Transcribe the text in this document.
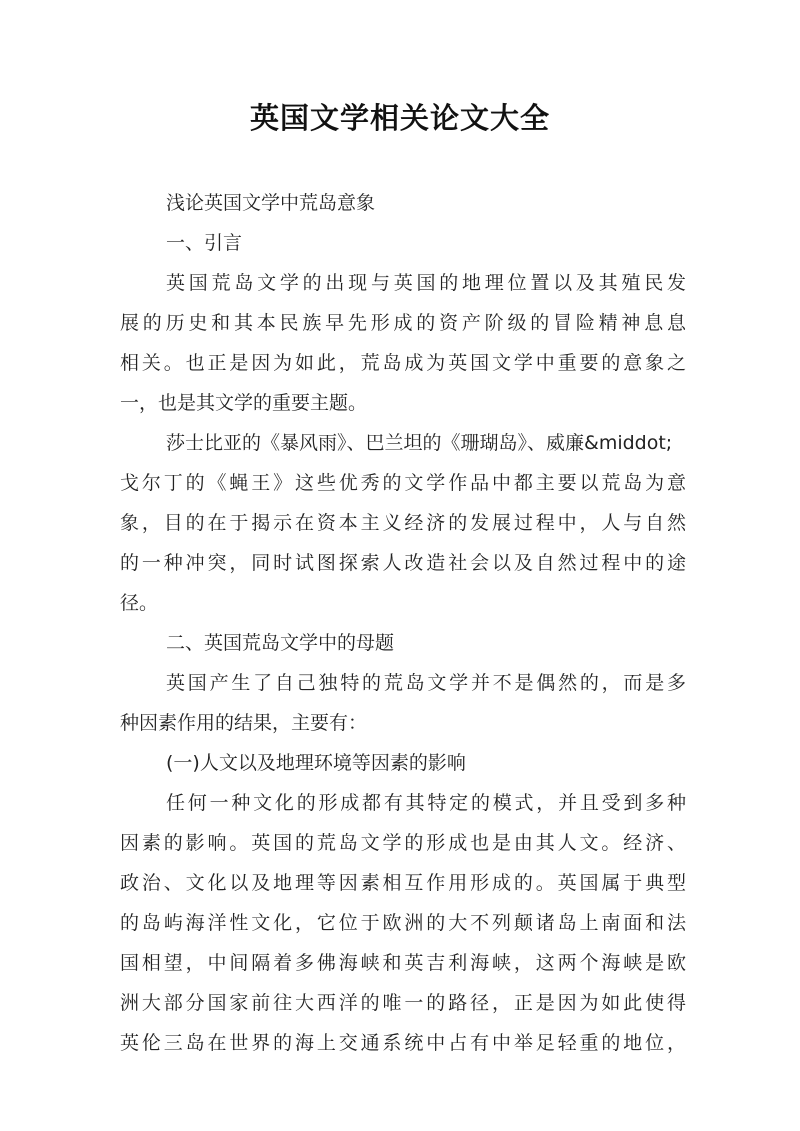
英国文学相关论文大全
浅论英国文学中荒岛意象
一、引言
英国荒岛文学的出现与英国的地理位置以及其殖民发
展的历史和其本民族早先形成的资产阶级的冒险精神息息
相关。也正是因为如此，荒岛成为英国文学中重要的意象之
一，也是其文学的重要主题。
莎士比亚的《暴风雨》、巴兰坦的《珊瑚岛》、威廉&middot;
戈尔丁的《蝇王》这些优秀的文学作品中都主要以荒岛为意
象，目的在于揭示在资本主义经济的发展过程中，人与自然
的一种冲突，同时试图探索人改造社会以及自然过程中的途
径。
二、英国荒岛文学中的母题
英国产生了自己独特的荒岛文学并不是偶然的，而是多
种因素作用的结果，主要有：
(一)人文以及地理环境等因素的影响
任何一种文化的形成都有其特定的模式，并且受到多种
因素的影响。英国的荒岛文学的形成也是由其人文。经济、
政治、文化以及地理等因素相互作用形成的。英国属于典型
的岛屿海洋性文化，它位于欧洲的大不列颠诸岛上南面和法
国相望，中间隔着多佛海峡和英吉利海峡，这两个海峡是欧
洲大部分国家前往大西洋的唯一的路径，正是因为如此使得
英伦三岛在世界的海上交通系统中占有中举足轻重的地位，
